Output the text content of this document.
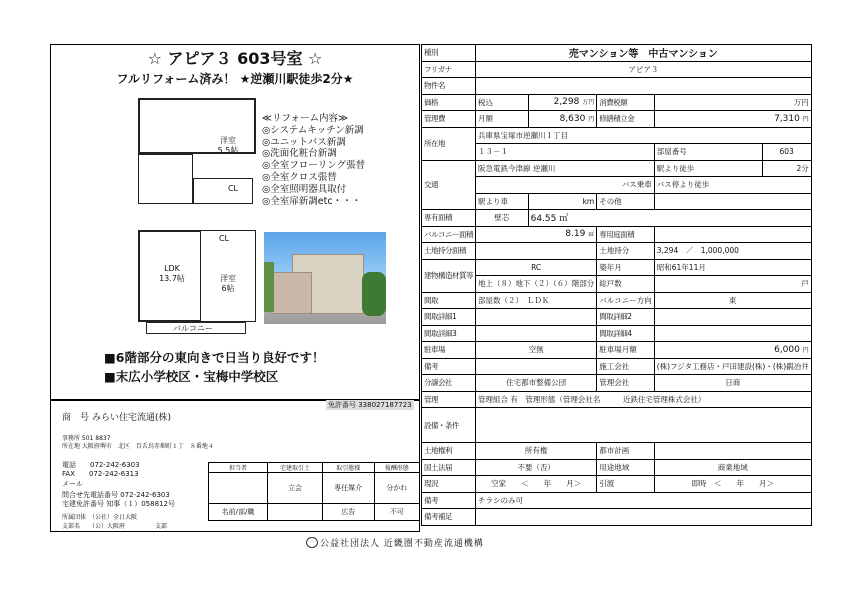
☆ アピア３ 603号室 ☆
フルリフォーム済み！ ★逆瀬川駅徒歩2分★
洋室
5.5帖
CL
CL
LDK
13.7帖	洋室
6帖
バルコニー
≪リフォーム内容≫
◎システムキッチン新調
◎ユニットバス新調
◎洗面化粧台新調
◎全室フローリング張替
◎全室クロス張替
◎全室照明器具取付
◎全室扉新調etc・・・
■6階部分の東向きで日当り良好です！
■末広小学校区・宝梅中学校区
免許番号 338027187723
商　号 みらい住宅流通(株)
事務所 501 8837
所在地 大阪府堺市　北区　百舌鳥赤畑町１丁　８番地４
電話　　072-242-6303
FAX　　072-242-6313
メール
問合せ先電話番号 072-242-6303
宅建免許番号 知事（１）058812号
所属団体　（公社）全日大阪
支部名　　（公）大阪府　　　　　支部
担当者	宅建取引士	取引態様	報酬形態
	立会	専任媒介	分かれ
名前/部/職		広告	不可
種別	売マンション等　中古マンション				
フリガナ	アピア３				
物件名					
価格	税込	2,298 万円	消費税額	万円	
管理費	月額	8,630 円	修繕積立金	7,310 円	
所在地	兵庫県宝塚市逆瀬川１丁目				
	１３－１			部屋番号	603
交通	阪急電鉄今津線 逆瀬川			駅より徒歩	2分
	バス乗車			バス停より徒歩	
	駅より車	km	その他		
専有面積	壁芯	64.55 ㎡			
バルコニー面積	8.19 ㎡		専用庭面積		
土地持分面積			土地持分	3,294　／　1,000,000	
建物構造材質等	RC		築年月	昭和61年11月	
	地上（８）地下（２）（６）階部分		総戸数	戸	
間取	部屋数（２）　ＬＤＫ		バルコニー方向	東	
間取詳細1			間取詳細2		
間取詳細3			間取詳細4		
駐車場	空無		駐車場月額	6,000 円	
備考			施工会社	(株)フジタ工務店・戸田建設(株)・(株)鍜冶井	
分譲会社	住宅都市整備公団		管理会社	日商	
管理	管理組合 有　管理形態（管理会社名　　　近鉄住宅管理株式会社）				
設備・条件					
土地権利	所有権		都市計画		
国土法届	不要（否）		用途地域	商業地域	
現況	空家　　＜　　年　　月＞		引渡	即時　＜　　年　　月＞	
備考	チラシのみ可				
備考補足					
公益社団法人 近畿圏不動産流通機構
